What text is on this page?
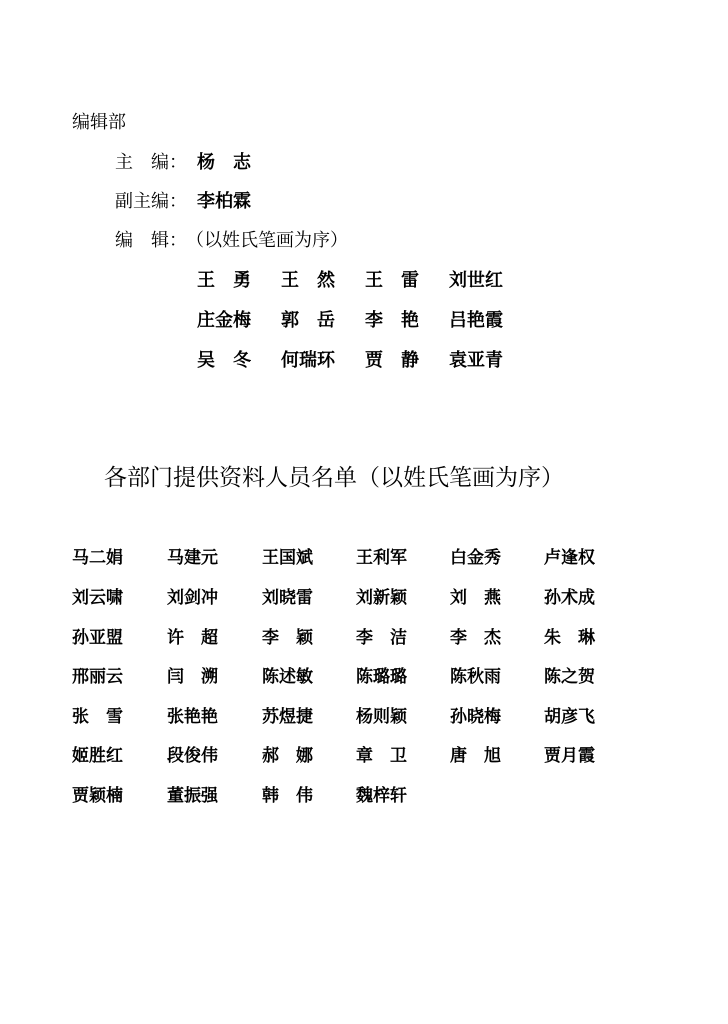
编辑部
主　编： 杨　志
副主编： 李柏霖
编　辑： （以姓氏笔画为序）
王　勇 王　然 王　雷 刘世红
庄金梅 郭　岳 李　艳 吕艳霞
吴　冬 何瑞环 贾　静 袁亚青
各部门提供资料人员名单（以姓氏笔画为序）
马二娟	马建元	王国斌	王利军	白金秀	卢逢权
刘云啸	刘剑冲	刘晓雷	刘新颖	刘　燕	孙术成
孙亚盟	许　超	李　颖	李　洁	李　杰	朱　琳
邢丽云	闫　溯	陈述敏	陈璐璐	陈秋雨	陈之贺
张　雪	张艳艳	苏煜捷	杨则颖	孙晓梅	胡彦飞
姬胜红	段俊伟	郝　娜	章　卫	唐　旭	贾月霞
贾颖楠	董振强	韩　伟	魏梓轩
